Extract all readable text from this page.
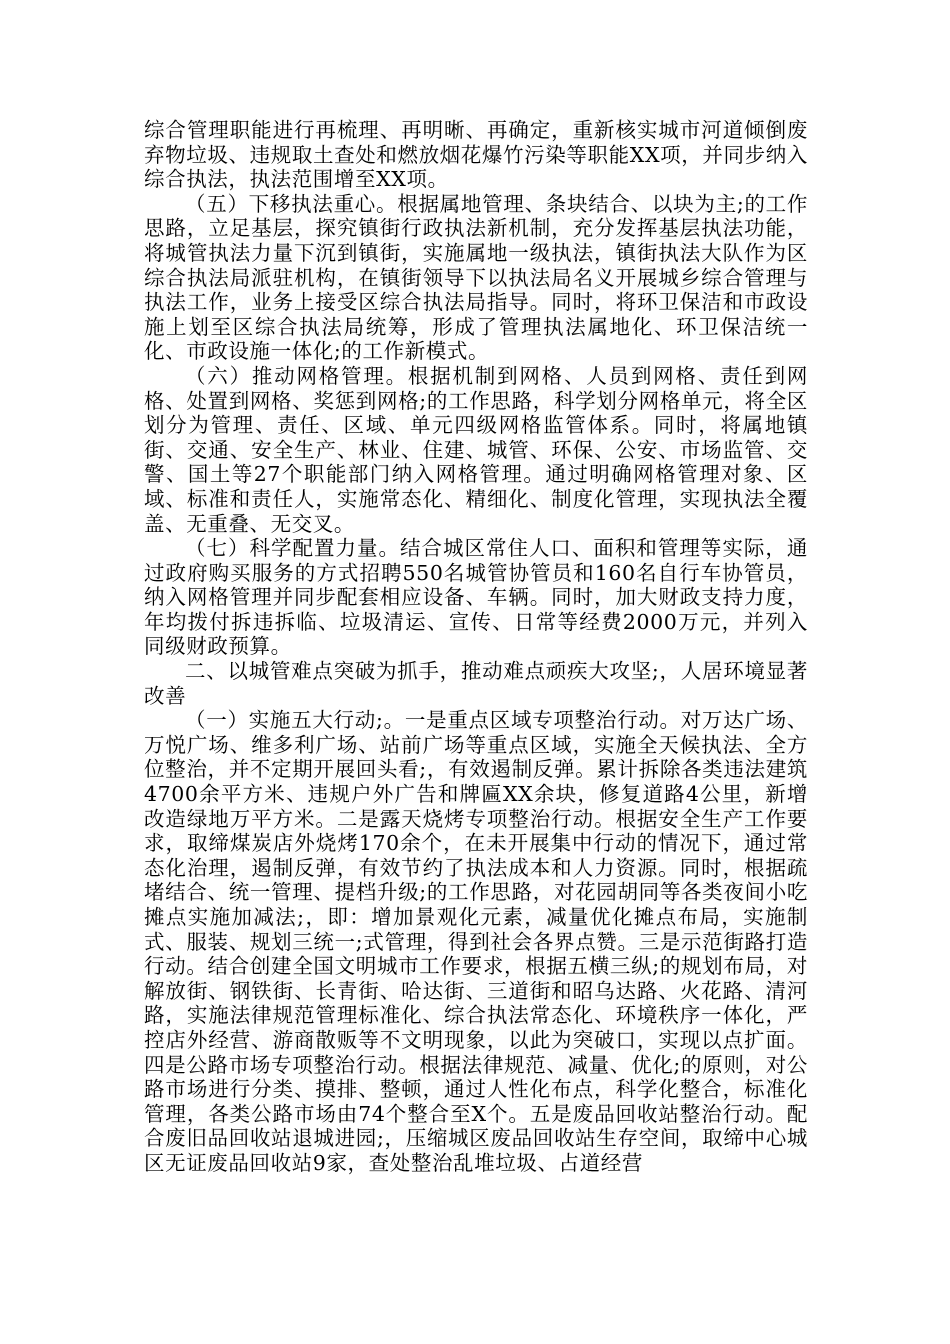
综合管理职能进行再梳理、再明晰、再确定，重新核实城市河道倾倒废弃物垃圾、违规取土查处和燃放烟花爆竹污染等职能XX项，并同步纳入综合执法，执法范围增至XX项。

（五）下移执法重心。根据属地管理、条块结合、以块为主;的工作思路，立足基层，探究镇街行政执法新机制，充分发挥基层执法功能，将城管执法力量下沉到镇街，实施属地一级执法，镇街执法大队作为区综合执法局派驻机构，在镇街领导下以执法局名义开展城乡综合管理与执法工作，业务上接受区综合执法局指导。同时，将环卫保洁和市政设施上划至区综合执法局统筹，形成了管理执法属地化、环卫保洁统一化、市政设施一体化;的工作新模式。

（六）推动网格管理。根据机制到网格、人员到网格、责任到网格、处置到网格、奖惩到网格;的工作思路，科学划分网格单元，将全区划分为管理、责任、区域、单元四级网格监管体系。同时，将属地镇街、交通、安全生产、林业、住建、城管、环保、公安、市场监管、交警、国土等27个职能部门纳入网格管理。通过明确网格管理对象、区域、标准和责任人，实施常态化、精细化、制度化管理，实现执法全覆盖、无重叠、无交叉。

（七）科学配置力量。结合城区常住人口、面积和管理等实际，通过政府购买服务的方式招聘550名城管协管员和160名自行车协管员，纳入网格管理并同步配套相应设备、车辆。同时，加大财政支持力度，年均拨付拆违拆临、垃圾清运、宣传、日常等经费2000万元，并列入同级财政预算。

二、以城管难点突破为抓手，推动难点顽疾大攻坚;，人居环境显著改善

（一）实施五大行动;。一是重点区域专项整治行动。对万达广场、万悦广场、维多利广场、站前广场等重点区域，实施全天候执法、全方位整治，并不定期开展回头看;，有效遏制反弹。累计拆除各类违法建筑4700余平方米、违规户外广告和牌匾XX余块，修复道路4公里，新增改造绿地万平方米。二是露天烧烤专项整治行动。根据安全生产工作要求，取缔煤炭店外烧烤170余个，在未开展集中行动的情况下，通过常态化治理，遏制反弹，有效节约了执法成本和人力资源。同时，根据疏堵结合、统一管理、提档升级;的工作思路，对花园胡同等各类夜间小吃摊点实施加减法;，即：增加景观化元素，减量优化摊点布局，实施制式、服装、规划三统一;式管理，得到社会各界点赞。三是示范街路打造行动。结合创建全国文明城市工作要求，根据五横三纵;的规划布局，对解放街、钢铁街、长青街、哈达街、三道街和昭乌达路、火花路、清河路，实施法律规范管理标准化、综合执法常态化、环境秩序一体化，严控店外经营、游商散贩等不文明现象，以此为突破口，实现以点扩面。四是公路市场专项整治行动。根据法律规范、减量、优化;的原则，对公路市场进行分类、摸排、整顿，通过人性化布点，科学化整合，标准化管理，各类公路市场由74个整合至X个。五是废品回收站整治行动。配合废旧品回收站退城进园;，压缩城区废品回收站生存空间，取缔中心城区无证废品回收站9家，查处整治乱堆垃圾、占道经营
